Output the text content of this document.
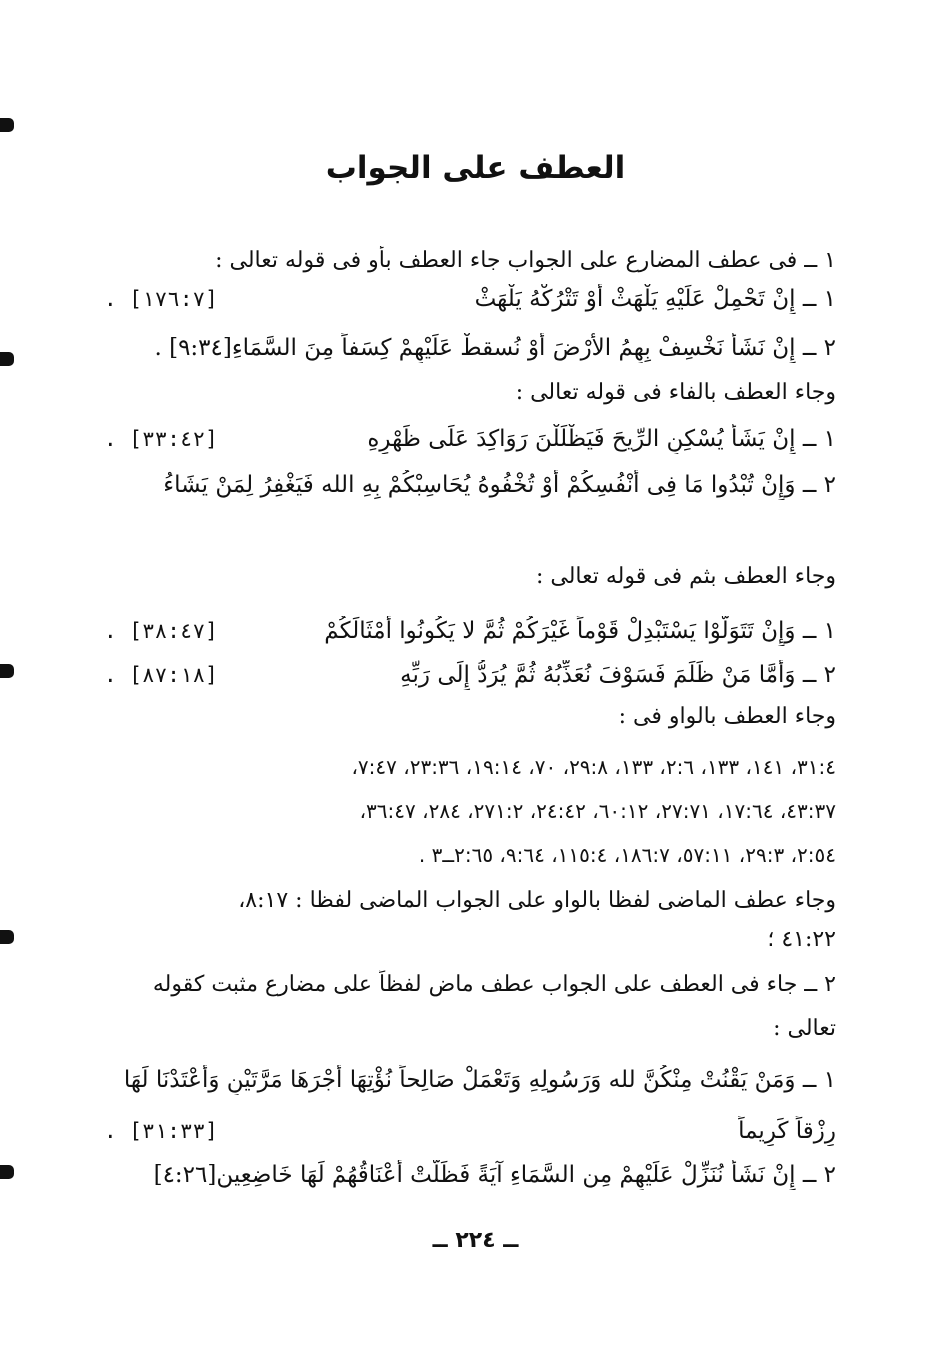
العطف على الجواب
١ ــ فى عطف المضارع على الجواب جاء العطف بأو فى قوله تعالى :
١ ــ إِنْ تَحْمِلْ عَلَيْهِ يَلْهَثْ أَوْ تَتْرُكْهُ يَلْهَثْ
[١٧٦:٧] .
٢ ــ إِنْ نَشَأْ نَخْسِفْ بِهِمُ الأَرْضَ أَوْ نُسقطْ عَلَيْهِمْ كِسَفاً مِنَ السَّمَاءِ[٩:٣٤] .
وجاء العطف بالفاء فى قوله تعالى :
١ ــ إِنْ يَشَأْ يُسْكِنِ الرِّيحَ فَيَظْلَلْنَ رَوَاكِدَ عَلَى ظَهْرِهِ
[٣٣:٤٢] .
٢ ــ وَإِنْ تُبْدُوا مَا فِى أَنْفُسِكُمْ أَوْ تُخْفُوهُ يُحَاسِبْكُمْ بِهِ الله فَيَغْفِرُ لِمَنْ يَشَاءُ
وجاء العطف بثم فى قوله تعالى :
١ ــ وَإِنْ تَتَوَلَّوْا يَسْتَبْدِلْ قَوْماً غَيْرَكُمْ ثُمَّ لا يَكُونُوا أَمْثَالَكُمْ
[٣٨:٤٧] .
٢ ــ وَأَمَّا مَنْ ظَلَمَ فَسَوْفَ نُعَذِّبُهُ ثُمَّ يُرَدُّ إِلَى رَبِّهِ
[٨٧:١٨] .
وجاء العطف بالواو فى :
٣١:٤، ١٤١، ١٣٣، ٢:٦، ١٣٣، ٢٩:٨، ٧٠، ١٩:١٤، ٢٣:٣٦، ٧:٤٧،
٤٣:٣٧، ١٧:٦٤، ٢٧:٧١، ٦٠:١٢، ٢٤:٤٢، ٢٧١:٢، ٢٨٤، ٣٦:٤٧،
٢:٥٤، ٢٩:٣، ٥٧:١١، ١٨٦:٧، ١١٥:٤، ٩:٦٤، ٢:٦٥ــ٣ .
وجاء عطف الماضى لفظا بالواو على الجواب الماضى لفظا : ٨:١٧،
٤١:٢٢ ؛
٢ ــ جاء فى العطف على الجواب عطف ماض لفظاً على مضارع مثبت كقوله
تعالى :
١ ــ وَمَنْ يَقْنُتْ مِنْكُنَّ لله وَرَسُولِهِ وَتَعْمَلْ صَالِحاً نُؤْتِهَا أَجْرَهَا مَرَّتَيْنِ وَأَعْتَدْنَا لَهَا
رِزْقاً كَرِيماً
[٣١:٣٣] .
٢ ــ إِنْ نَشَأْ نُنَزِّلْ عَلَيْهِمْ مِن السَّمَاءِ آيَةً فَظَلَّتْ أَعْنَاقُهُمْ لَهَا خَاضِعِين[٤:٢٦]
ــ ٢٢٤ ــ
